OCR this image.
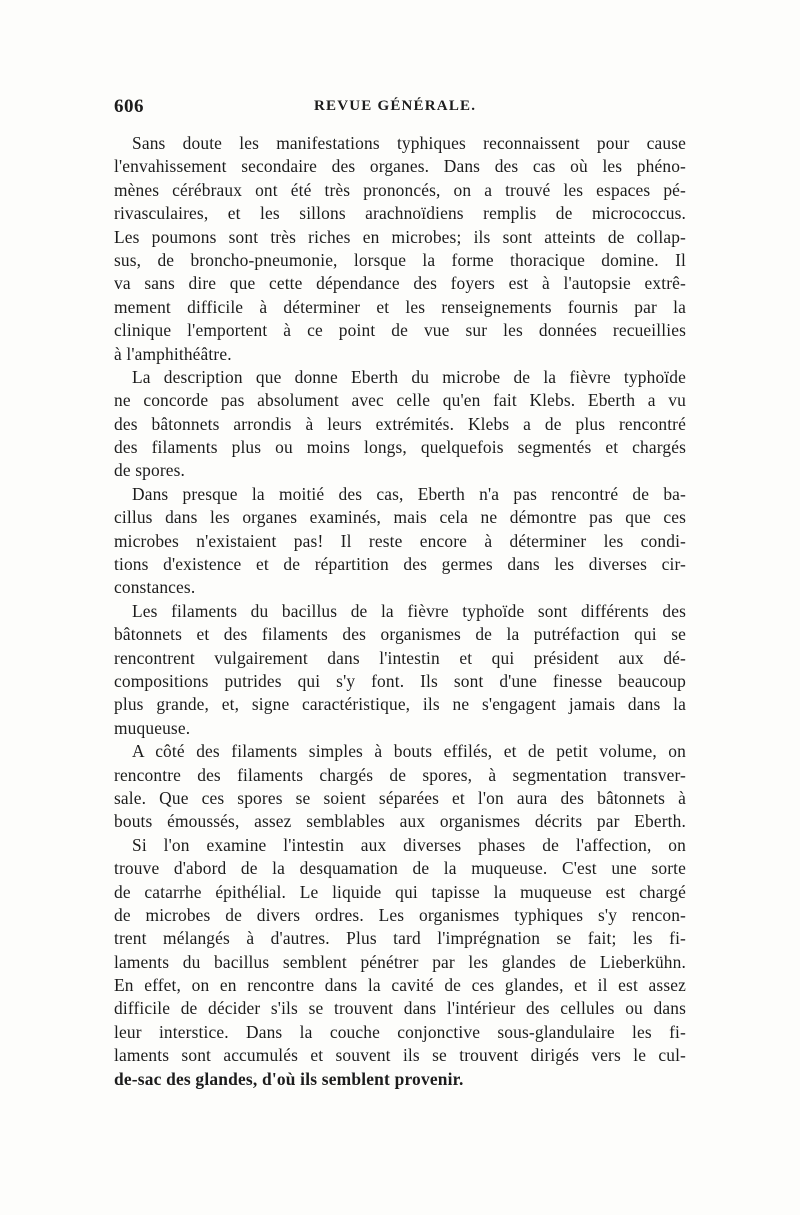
606	REVUE GÉNÉRALE.

Sans doute les manifestations typhiques reconnaissent pour cause
l'envahissement secondaire des organes. Dans des cas où les phéno-
mènes cérébraux ont été très prononcés, on a trouvé les espaces pé-
rivasculaires, et les sillons arachnoïdiens remplis de micrococcus.
Les poumons sont très riches en microbes; ils sont atteints de collap-
sus, de broncho-pneumonie, lorsque la forme thoracique domine. Il
va sans dire que cette dépendance des foyers est à l'autopsie extrê-
mement difficile à déterminer et les renseignements fournis par la
clinique l'emportent à ce point de vue sur les données recueillies
à l'amphithéâtre.

La description que donne Eberth du microbe de la fièvre typhoïde
ne concorde pas absolument avec celle qu'en fait Klebs. Eberth a vu
des bâtonnets arrondis à leurs extrémités. Klebs a de plus rencontré
des filaments plus ou moins longs, quelquefois segmentés et chargés
de spores.

Dans presque la moitié des cas, Eberth n'a pas rencontré de ba-
cillus dans les organes examinés, mais cela ne démontre pas que ces
microbes n'existaient pas! Il reste encore à déterminer les condi-
tions d'existence et de répartition des germes dans les diverses cir-
constances.

Les filaments du bacillus de la fièvre typhoïde sont différents des
bâtonnets et des filaments des organismes de la putréfaction qui se
rencontrent vulgairement dans l'intestin et qui président aux dé-
compositions putrides qui s'y font. Ils sont d'une finesse beaucoup
plus grande, et, signe caractéristique, ils ne s'engagent jamais dans la
muqueuse.

A côté des filaments simples à bouts effilés, et de petit volume, on
rencontre des filaments chargés de spores, à segmentation transver-
sale. Que ces spores se soient séparées et l'on aura des bâtonnets à
bouts émoussés, assez semblables aux organismes décrits par Eberth.

Si l'on examine l'intestin aux diverses phases de l'affection, on
trouve d'abord de la desquamation de la muqueuse. C'est une sorte
de catarrhe épithélial. Le liquide qui tapisse la muqueuse est chargé
de microbes de divers ordres. Les organismes typhiques s'y rencon-
trent mélangés à d'autres. Plus tard l'imprégnation se fait; les fi-
laments du bacillus semblent pénétrer par les glandes de Lieberkühn.
En effet, on en rencontre dans la cavité de ces glandes, et il est assez
difficile de décider s'ils se trouvent dans l'intérieur des cellules ou dans
leur interstice. Dans la couche conjonctive sous-glandulaire les fi-
laments sont accumulés et souvent ils se trouvent dirigés vers le cul-
de-sac des glandes, d'où ils semblent provenir.
